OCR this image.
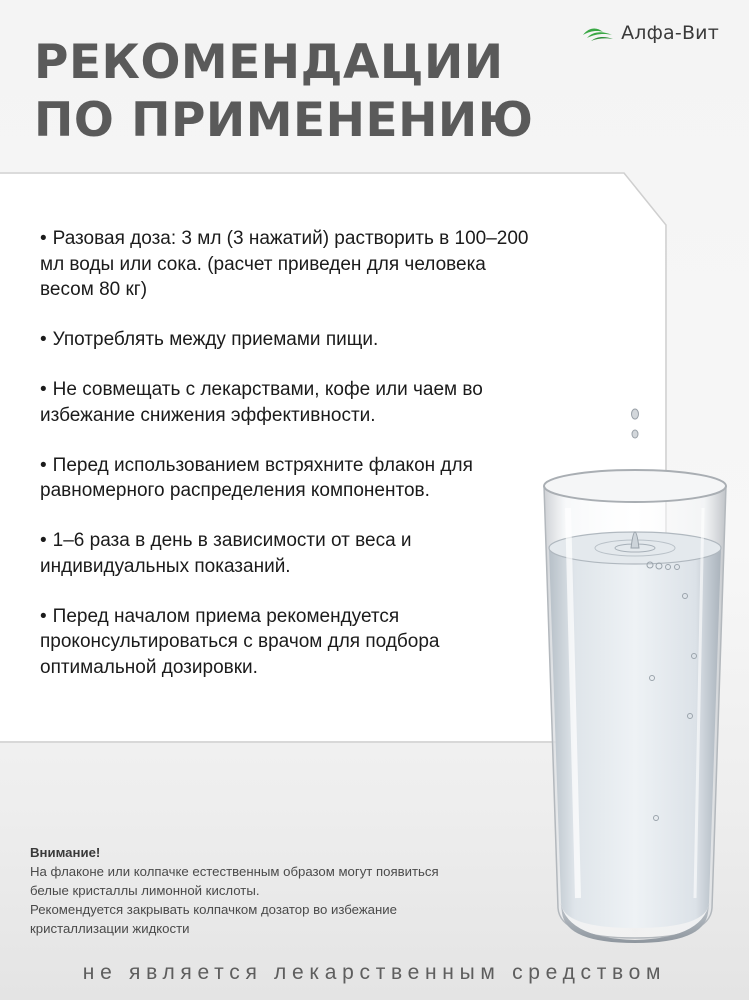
Алфа-Вит
РЕКОМЕНДАЦИИ
ПО ПРИМЕНЕНИЮ
• Разовая доза: 3 мл (3 нажатий) растворить в 100–200 мл воды или сока. (расчет приведен для человека весом 80 кг)
• Употреблять между приемами пищи.
• Не совмещать с лекарствами, кофе или чаем во избежание снижения эффективности.
• Перед использованием встряхните флакон для равномерного распределения компонентов.
• 1–6 раза в день в зависимости от веса и индивидуальных показаний.
• Перед началом приема рекомендуется проконсультироваться с врачом для подбора оптимальной дозировки.
Внимание!
На флаконе или колпачке естественным образом могут появиться
белые кристаллы лимонной кислоты.
Рекомендуется закрывать колпачком дозатор во избежание
кристаллизации жидкости
не является лекарственным средством
